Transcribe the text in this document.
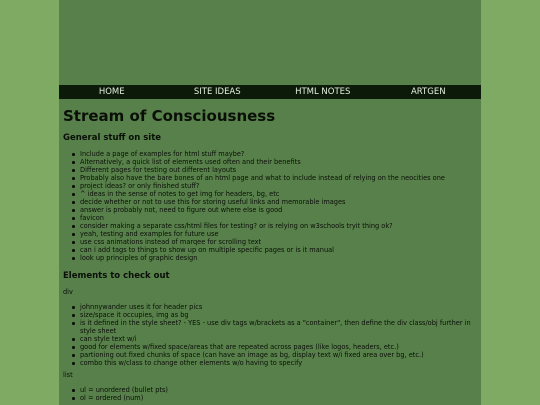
HOME	SITE IDEAS	HTML NOTES	ARTGEN
Stream of Consciousness
General stuff on site
Include a page of examples for html stuff maybe?
Alternatively, a quick list of elements used often and their benefits
Different pages for testing out different layouts
Probably also have the bare bones of an html page and what to include instead of relying on the neocities one
project ideas? or only finished stuff?
^ ideas in the sense of notes to get img for headers, bg, etc
decide whether or not to use this for storing useful links and memorable images
answer is probably not, need to figure out where else is good
favicon
consider making a separate css/html files for testing? or is relying on w3schools tryit thing ok?
yeah, testing and examples for future use
use css animations instead of marqee for scrolling text
can i add tags to things to show up on multiple specific pages or is it manual
look up principles of graphic design
Elements to check out

div

johnnywander uses it for header pics
size/space it occupies, img as bg
is it defined in the style sheet? - YES - use div tags w/brackets as a "container", then define the div class/obj further in style sheet
can style text w/i
good for elements w/fixed space/areas that are repeated across pages (like logos, headers, etc.)
partioning out fixed chunks of space (can have an image as bg, display text w/i fixed area over bg, etc.)
combo this w/class to change other elements w/o having to specify

list

ul = unordered (bullet pts)
ol = ordered (num)
